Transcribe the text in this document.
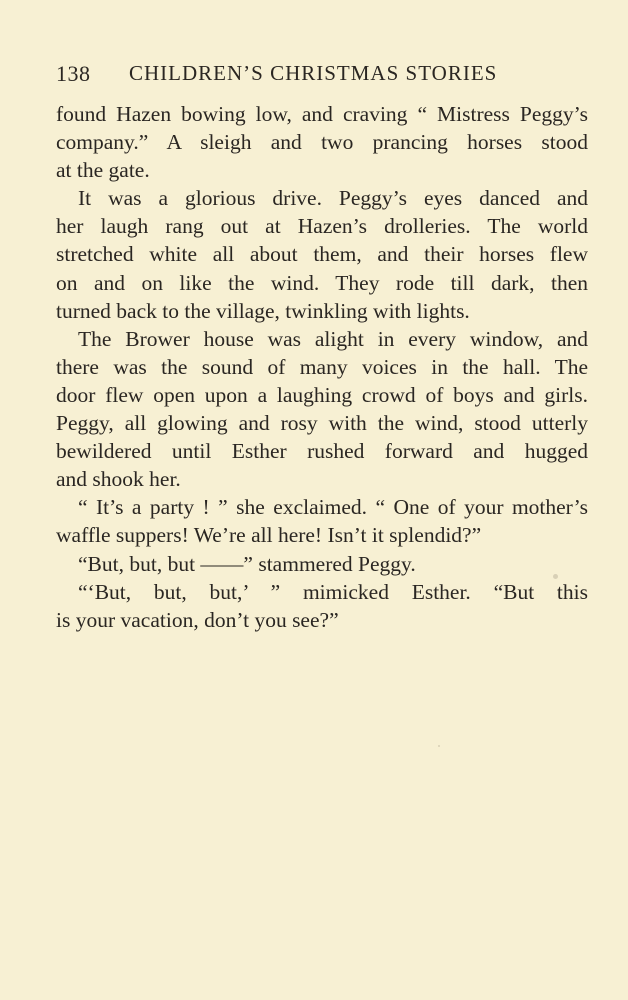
138 CHILDREN’S CHRISTMAS STORIES
found Hazen bowing low, and craving “ Mistress Peggy’s
company.” A sleigh and two prancing horses stood
at the gate.
It was a glorious drive. Peggy’s eyes danced and
her laugh rang out at Hazen’s drolleries. The world
stretched white all about them, and their horses flew
on and on like the wind. They rode till dark, then
turned back to the village, twinkling with lights.
The Brower house was alight in every window, and
there was the sound of many voices in the hall. The
door flew open upon a laughing crowd of boys and girls.
Peggy, all glowing and rosy with the wind, stood utterly
bewildered until Esther rushed forward and hugged
and shook her.
“ It’s a party ! ” she exclaimed. “ One of your mother’s
waffle suppers! We’re all here! Isn’t it splendid?”
“But, but, but ——” stammered Peggy.
“‘But, but, but,’ ” mimicked Esther. “But this
is your vacation, don’t you see?”
